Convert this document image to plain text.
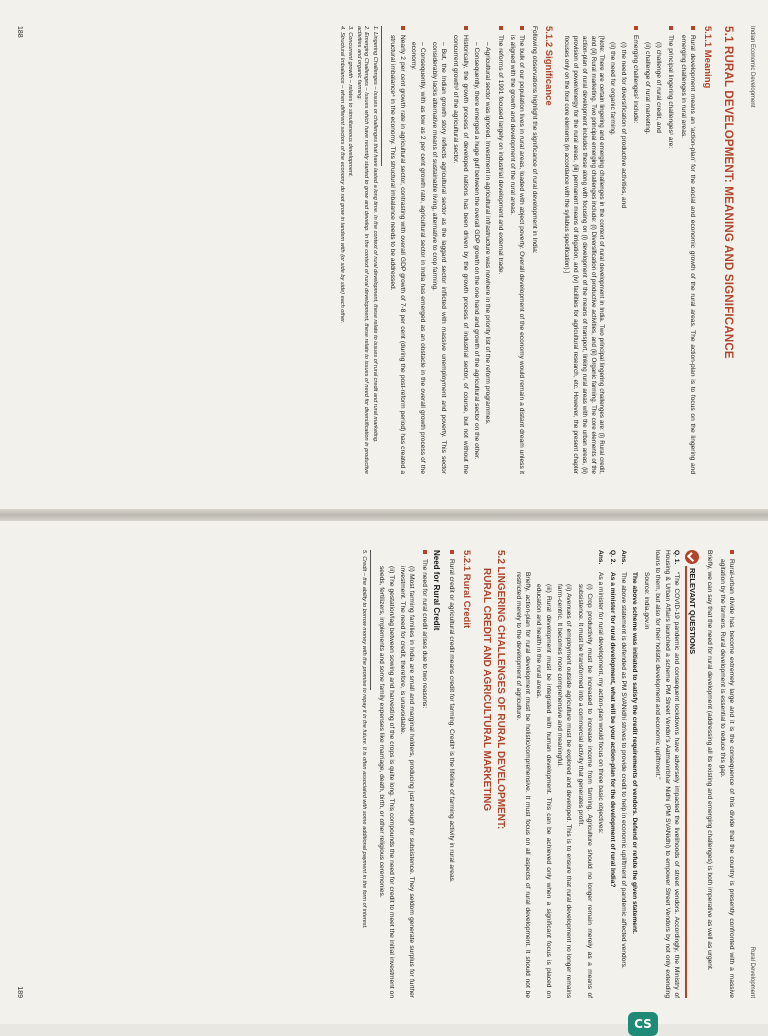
Indian Economic Development
5.1 RURAL DEVELOPMENT: MEANING AND SIGNIFICANCE
5.1.1 Meaning
Rural development means an ‘action-plan’ for the social and economic growth of the rural areas. The action-plan is to focus on the lingering and emerging challenges in rural areas.
The principal lingering challenges¹ are:
(i) challenge of rural credit, and
(ii) challenge of rural marketing.
Emerging challenges² include:
(i) the need for diversification of productive activities, and
(ii) the need for organic farming.
[Note: There are certain lingering and emerging challenges in the context of rural development in India. Two principal lingering challenges are: (i) Rural credit, and (ii) Rural marketing. Two principal emerging challenges include: (i) Diversification of productive activities, and (ii) Organic farming. The core elements of the action-plan of rural development includes these along with focusing on (i) development of the means of transport, linking rural areas with the urban areas, (ii) provision of power/energy for the rural areas, (iii) permanent means of irrigation, and (iv) facilities for agricultural research, etc. However, the present chapter focuses only on the four core elements (in accordance with the syllabus specification).]
5.1.2 Significance

Following observations highlight the significance of rural development in India:

The bulk of our population lives in rural areas, loaded with abject poverty. Overall development of the economy would remain a distant dream unless it is aligned with the growth and development of the rural areas.
The reforms of 1991 focused largely on industrial development and external trade.
– Agricultural sector was ignored. Investment in agricultural infrastructure was nowhere in the priority list of the reform programmes.
– Consequently, there emerged a huge gulf between the overall GDP growth on the one hand and growth of the agricultural sector on the other.
Historically, the growth process of developed nations has been driven by the growth process of industrial sector, of course, but not without the concurrent growth³ of the agricultural sector.
– But, the Indian growth story reflects agricultural sector as the laggard sector inflicted with massive unemployment and poverty. This sector considerably lacks alternative means of sustainable living, alternative to crop farming.
– Consequently, with as low as 2 per cent growth rate, agricultural sector in India has emerged as an obstacle in the overall growth process of the economy.
Nearly 2 per cent growth rate in agricultural sector, contrasting with overall GDP growth of 7-8 per cent (during the post-reform period) has created a structural imbalance⁴ in the economy. This structural imbalance needs to be addressed.
1. Lingering Challenges – Issues or challenges that have lasted a long time. In the context of rural development, these relate to issues of rural credit and rural marketing.
2. Emerging Challenges – Issues which have recently started to grow and develop. In the context of rural development, these relate to issues of need for diversification in productive activities and organic farming.
3. Concurrent growth – relates to simultaneous development.
4. Structural Imbalance – when different sectors of the economy do not grow in tandem with (or side by side) each other.
188
Rural Development
Rural-urban divide has become extremely large and it is the consequence of this divide that the country is presently confronted with a massive agitation by the farmers. Rural development is essential to reduce this gap.

Briefly, we can say that the need for rural development (addressing all its existing and emerging challenges) is both imperative as well as urgent.

RELEVANT QUESTIONS
Q. 1.“The COVID-19 pandemic and consequent lockdowns have adversely impacted the livelihoods of street vendors. Accordingly, the Ministry of Housing & Urban Affairs launched a scheme PM Street Vendor’s Aatmanirbhar Nidhi (PM SVANidhi) to empower Street Vendors by not only extending loans to them, but also for their holistic development and economic upliftment.”
Source: india.gov.in
The above scheme was initiated to satisfy the credit requirements of vendors. Defend or refute the given statement.
Ans.The above statement is defended as PM SVANidhi strives to provide credit to help in economic upliftment of pandemic affected vendors.
Q. 2.As a minister for rural development, what will be your action-plan for the development of rural India?
Ans.As a minister for rural development, my action-plan would focus on three basic objectives:
(i) Crop productivity must be increased to increase income from farming. Agriculture should no longer remain merely as a means of subsistence. It must be transformed into a commercial activity that generates profit.
(ii) Avenues of employment outside agriculture must be explored and developed. This is to ensure that rural development no longer remains farm-centric. It becomes more comprehensive and meaningful.
(iii) Rural development must be integrated with human development. This can be achieved only when a significant focus is placed on education and health in the rural areas.
Briefly, action-plan for rural development must be holistic/comprehensive. It must focus on all aspects of rural development. It should not be restricted merely to the development of agriculture.
5.2 LINGERING CHALLENGES OF RURAL DEVELOPMENT:
RURAL CREDIT AND AGRICULTURAL MARKETING
5.2.1 Rural Credit
Rural credit or agricultural credit means credit for farming. Credit⁵ is the lifeline of farming activity in rural areas.
Need for Rural Credit
The need for rural credit arises due to two reasons:
(i) Most farming families in India are small and marginal holders, producing just enough for subsistence. They seldom generate surplus for further investment. The need for credit, therefore, is unavoidable.
(ii) The gestation/lag between sowing and harvesting of the crops is quite long. This compounds the need for credit to meet the initial investment on seeds, fertilizers, implements and some family expenses like marriage, death, birth, or other religious ceremonies.
5. Credit – the ability to borrow money with the promise to repay it in the future. It is often associated with some additional payment in the form of interest.
189
CS
